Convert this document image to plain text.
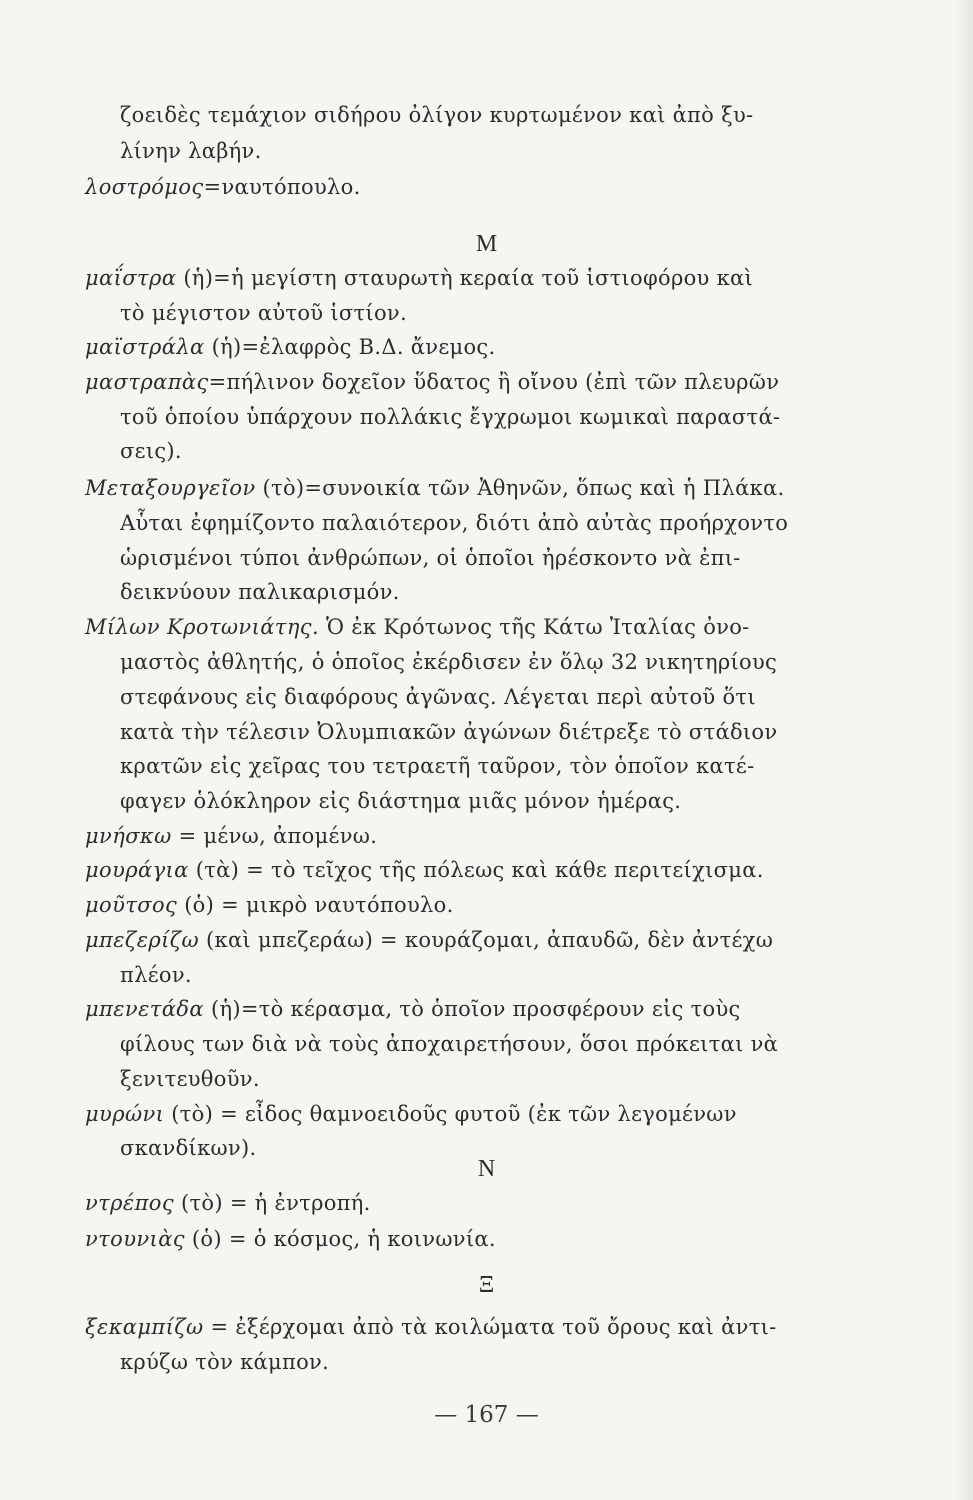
ζοειδὲς τεμάχιον σιδήρου ὀλίγον κυρτωμένον καὶ ἀπὸ ξυ-
λίνην λαβήν.
λοστρόμος=ναυτόπουλο.
Μ
μαΐστρα (ἡ)=ἡ μεγίστη σταυρωτὴ κεραία τοῦ ἱστιοφόρου καὶ
τὸ μέγιστον αὐτοῦ ἱστίον.
μαϊστράλα (ἡ)=ἐλαφρὸς Β.Δ. ἄνεμος.
μαστραπὰς=πήλινον δοχεῖον ὕδατος ἢ οἴνου (ἐπὶ τῶν πλευρῶν
τοῦ ὁποίου ὑπάρχουν πολλάκις ἔγχρωμοι κωμικαὶ παραστά-
σεις).
Μεταξουργεῖον (τὸ)=συνοικία τῶν Ἀθηνῶν, ὅπως καὶ ἡ Πλάκα.
Αὗται ἐφημίζοντο παλαιότερον, διότι ἀπὸ αὐτὰς προήρχοντο
ὡρισμένοι τύποι ἀνθρώπων, οἱ ὁποῖοι ἠρέσκοντο νὰ ἐπι-
δεικνύουν παλικαρισμόν.
Μίλων Κροτωνιάτης. Ὁ ἐκ Κρότωνος τῆς Κάτω Ἰταλίας ὀνο-
μαστὸς ἀθλητής, ὁ ὁποῖος ἐκέρδισεν ἐν ὅλῳ 32 νικητηρίους
στεφάνους εἰς διαφόρους ἀγῶνας. Λέγεται περὶ αὐτοῦ ὅτι
κατὰ τὴν τέλεσιν Ὀλυμπιακῶν ἀγώνων διέτρεξε τὸ στάδιον
κρατῶν εἰς χεῖρας του τετραετῆ ταῦρον, τὸν ὁποῖον κατέ-
φαγεν ὁλόκληρον εἰς διάστημα μιᾶς μόνον ἡμέρας.
μνήσκω = μένω, ἀπομένω.
μουράγια (τὰ) = τὸ τεῖχος τῆς πόλεως καὶ κάθε περιτείχισμα.
μοῦτσος (ὁ) = μικρὸ ναυτόπουλο.
μπεζερίζω (καὶ μπεζεράω) = κουράζομαι, ἀπαυδῶ, δὲν ἀντέχω
πλέον.
μπενετάδα (ἡ)=τὸ κέρασμα, τὸ ὁποῖον προσφέρουν εἰς τοὺς
φίλους των διὰ νὰ τοὺς ἀποχαιρετήσουν, ὅσοι πρόκειται νὰ
ξενιτευθοῦν.
μυρώνι (τὸ) = εἶδος θαμνοειδοῦς φυτοῦ (ἐκ τῶν λεγομένων
σκανδίκων).
Ν
ντρέπος (τὸ) = ἡ ἐντροπή.
ντουνιὰς (ὁ) = ὁ κόσμος, ἡ κοινωνία.
Ξ
ξεκαμπίζω = ἐξέρχομαι ἀπὸ τὰ κοιλώματα τοῦ ὄρους καὶ ἀντι-
κρύζω τὸν κάμπον.
— 167 —
